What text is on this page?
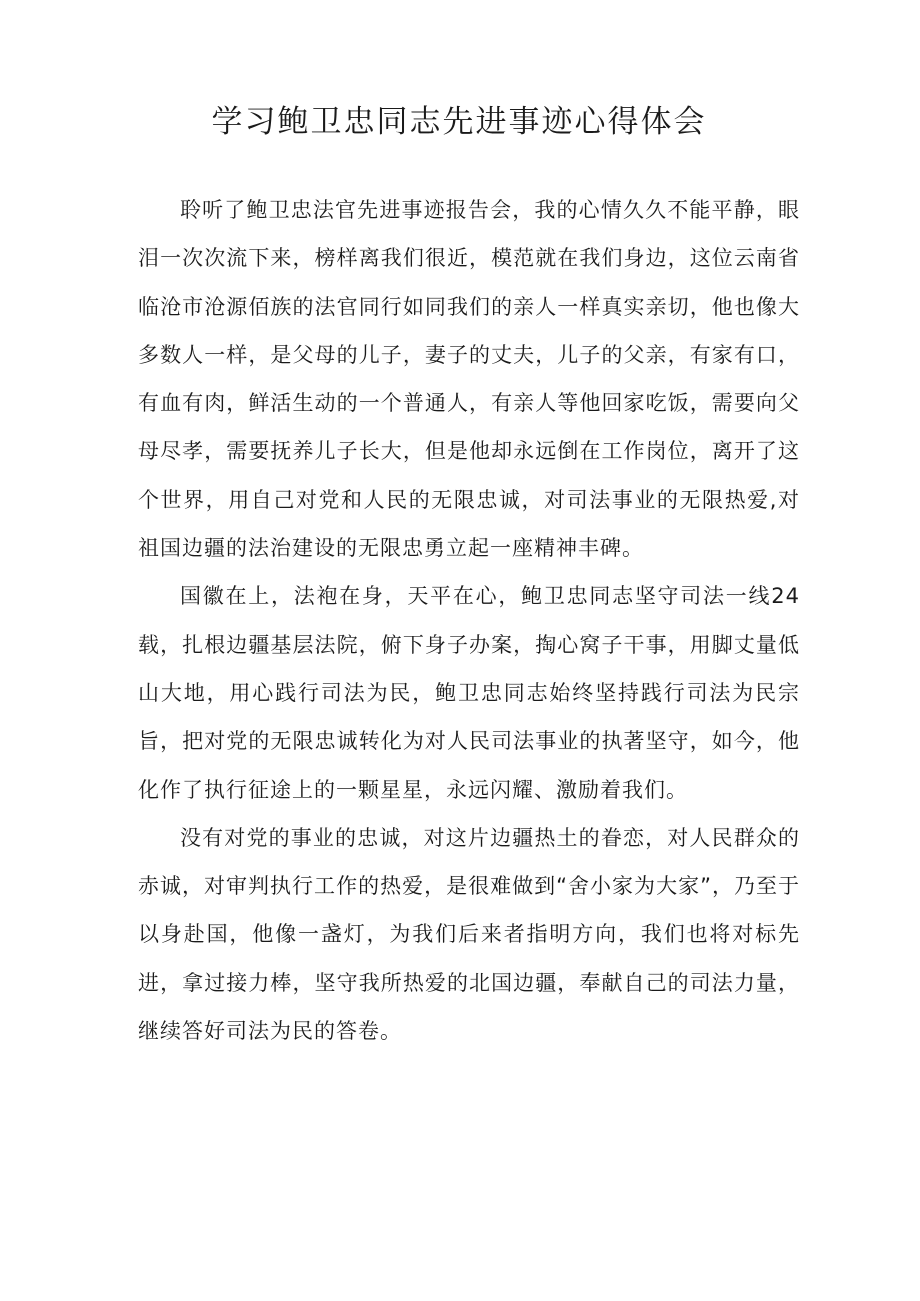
学习鲍卫忠同志先进事迹心得体会

聆听了鲍卫忠法官先进事迹报告会，我的心情久久不能平静，眼泪一次次流下来，榜样离我们很近，模范就在我们身边，这位云南省临沧市沧源佰族的法官同行如同我们的亲人一样真实亲切，他也像大多数人一样，是父母的儿子，妻子的丈夫，儿子的父亲，有家有口，有血有肉，鲜活生动的一个普通人，有亲人等他回家吃饭，需要向父母尽孝，需要抚养儿子长大，但是他却永远倒在工作岗位，离开了这个世界，用自己对党和人民的无限忠诚，对司法事业的无限热爱,对祖国边疆的法治建设的无限忠勇立起一座精神丰碑。

国徽在上，法袍在身，天平在心，鲍卫忠同志坚守司法一线24载，扎根边疆基层法院，俯下身子办案，掏心窝子干事，用脚丈量低山大地，用心践行司法为民，鲍卫忠同志始终坚持践行司法为民宗旨，把对党的无限忠诚转化为对人民司法事业的执著坚守，如今，他化作了执行征途上的一颗星星，永远闪耀、激励着我们。

没有对党的事业的忠诚，对这片边疆热土的眷恋，对人民群众的赤诚，对审判执行工作的热爱，是很难做到“舍小家为大家”，乃至于以身赴国，他像一盏灯，为我们后来者指明方向，我们也将对标先进，拿过接力棒，坚守我所热爱的北国边疆，奉献自己的司法力量，继续答好司法为民的答卷。
